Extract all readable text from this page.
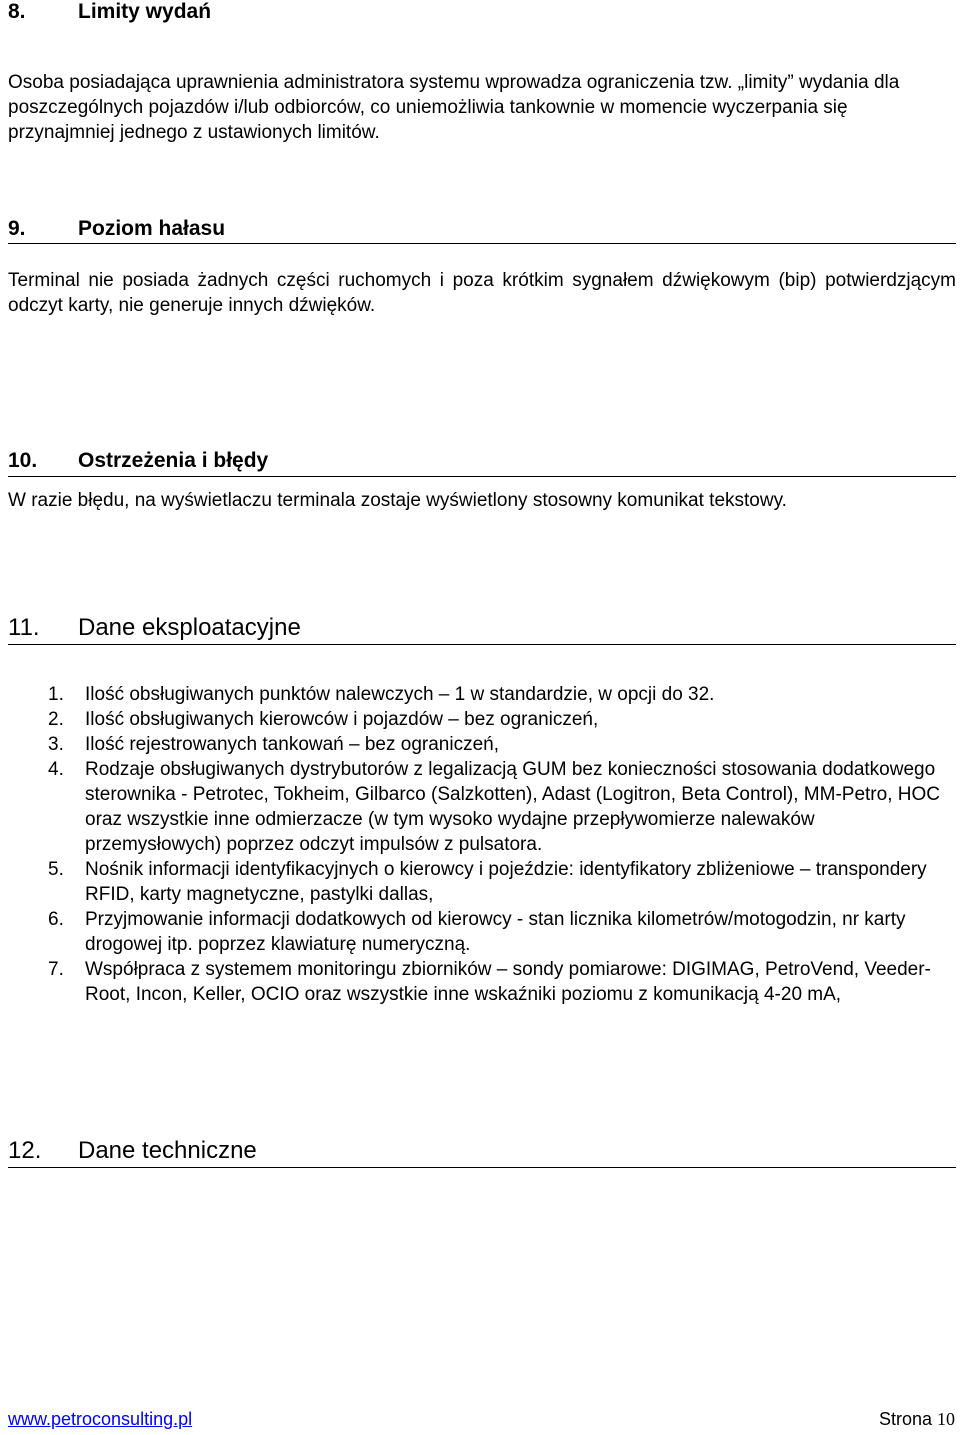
8. Limity wydań
Osoba posiadająca uprawnienia administratora systemu wprowadza ograniczenia tzw. „limity” wydania dla poszczególnych pojazdów i/lub odbiorców, co uniemożliwia tankownie w momencie wyczerpania się przynajmniej jednego z ustawionych limitów.
9. Poziom hałasu
Terminal nie posiada żadnych części ruchomych i poza krótkim sygnałem dźwiękowym (bip) potwierdzjącym odczyt karty, nie generuje innych dźwięków.
10. Ostrzeżenia i błędy
W razie błędu, na wyświetlaczu terminala zostaje wyświetlony stosowny komunikat tekstowy.
11. Dane eksploatacyjne
1.	Ilość obsługiwanych punktów nalewczych – 1 w standardzie, w opcji do 32.
2.	Ilość obsługiwanych kierowców i pojazdów – bez ograniczeń,
3.	Ilość rejestrowanych tankowań – bez ograniczeń,
4.	Rodzaje obsługiwanych dystrybutorów z legalizacją GUM bez konieczności stosowania dodatkowego sterownika - Petrotec, Tokheim, Gilbarco (Salzkotten), Adast (Logitron, Beta Control), MM-Petro, HOC oraz wszystkie inne odmierzacze (w tym wysoko wydajne przepływomierze nalewaków przemysłowych) poprzez odczyt impulsów z pulsatora.
5.	Nośnik informacji identyfikacyjnych o kierowcy i pojeździe: identyfikatory zbliżeniowe – transpondery RFID, karty magnetyczne, pastylki dallas,
6.	Przyjmowanie informacji dodatkowych od kierowcy - stan licznika kilometrów/motogodzin, nr karty drogowej itp. poprzez klawiaturę numeryczną.
7.	Współpraca z systemem monitoringu zbiorników – sondy pomiarowe: DIGIMAG, PetroVend, Veeder-Root, Incon, Keller, OCIO oraz wszystkie inne wskaźniki poziomu z komunikacją 4-20 mA,
12. Dane techniczne
www.petroconsulting.pl	Strona 10
